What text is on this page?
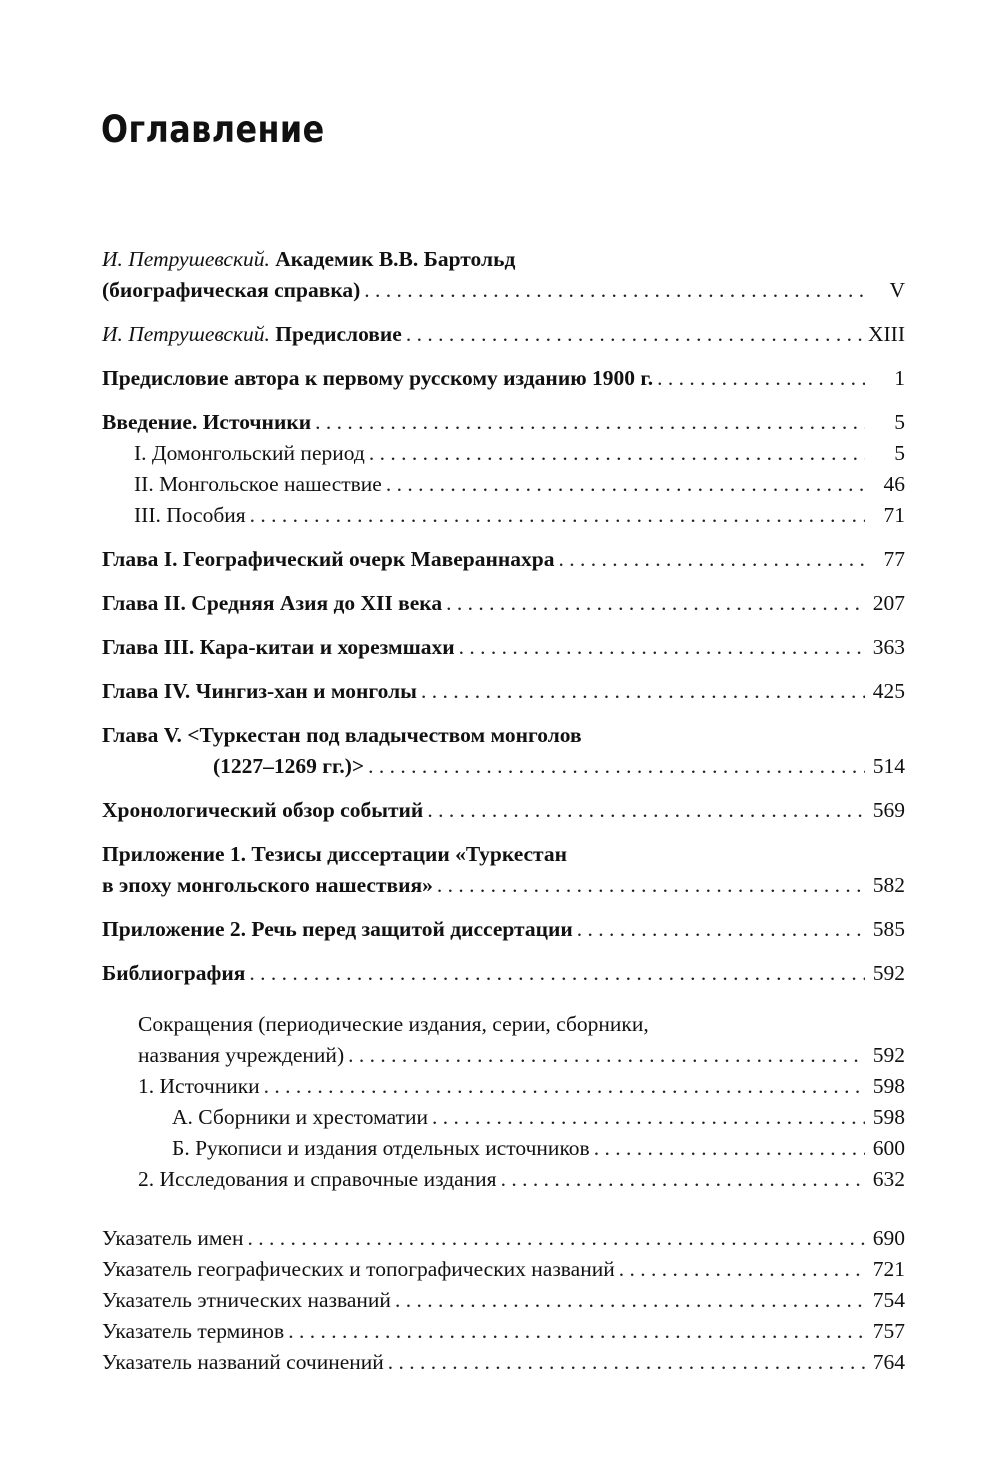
Оглавление
И. Петрушевский. Академик В.В. Бартольд
(биографическая справка) . . .	V
И. Петрушевский. Предисловие . . .	XIII
Предисловие автора к первому русскому изданию 1900 г. . . .	1
Введение. Источники . . .	5
I. Домонгольский период . . .	5
II. Монгольское нашествие . . .	46
III. Пособия . . .	71
Глава I. Географический очерк Мавераннахра . . .	77
Глава II. Средняя Азия до XII века . . .	207
Глава III. Кара-китаи и хорезмшахи . . .	363
Глава IV. Чингиз-хан и монголы . . .	425
Глава V. <Туркестан под владычеством монголов
(1227–1269 гг.)> . . .	514
Хронологический обзор событий . . .	569
Приложение 1. Тезисы диссертации «Туркестан
в эпоху монгольского нашествия» . . .	582
Приложение 2. Речь перед защитой диссертации . . .	585
Библиография . . .	592
Сокращения (периодические издания, серии, сборники,
названия учреждений) . . .	592
1. Источники . . .	598
А. Сборники и хрестоматии . . .	598
Б. Рукописи и издания отдельных источников . . .	600
2. Исследования и справочные издания . . .	632
Указатель имен . . .	690
Указатель географических и топографических названий . . .	721
Указатель этнических названий . . .	754
Указатель терминов . . .	757
Указатель названий сочинений . . .	764
